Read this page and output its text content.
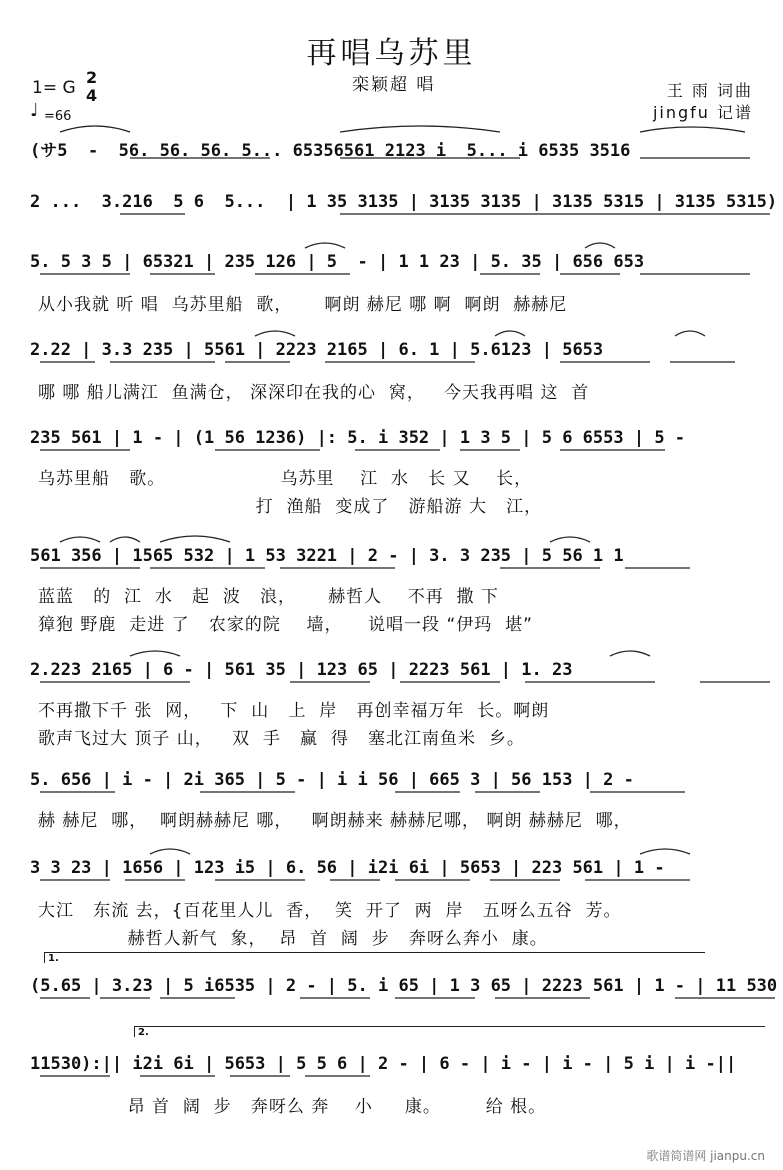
再唱乌苏里
栾颖超 唱	王 雨 词曲
jingfu 记谱
1= G
2
4
♩ =66
(サ5  -  56. 56. 56. 5... 65356561 2123 i  5... i 6535 3516
2 ...  3.216  5 6  5...  | 1 35 3135 | 3135 3135 | 3135 5315 | 3135 5315)
5. 5 3 5 | 65321 | 235 126 | 5  - | 1 1 23 | 5. 35 | 656 653
从小我就 听 唱  乌苏里船  歌，     啊朗 赫尼 哪 啊  啊朗  赫赫尼
2.22 | 3.3 235 | 5561 | 2223 2165 | 6. 1 | 5.6123 | 5653
哪 哪 船儿满江  鱼满仓， 深深印在我的心  窝，   今天我再唱 这  首
235 561 | 1 - | (1 56 1236) |: 5. i 352 | 1 3 5 | 5 6 6553 | 5 -
乌苏里船   歌。                  乌苏里    江  水   长 又    长，
打  渔船  变成了   游船游 大   江，
561 356 | 1565 532 | 1 53 3221 | 2 - | 3. 3 235 | 5 56 1 1
蓝蓝   的  江  水   起  波   浪，     赫哲人    不再  撒 下
獐狍 野鹿  走进 了   农家的院    墙，    说唱一段 “伊玛  堪”
2.223 2165 | 6 - | 561 35 | 123 65 | 2223 561 | 1. 23
不再撒下千 张  网，   下  山   上  岸   再创幸福万年  长。啊朗
歌声飞过大 顶子 山，   双  手   赢  得   塞北江南鱼米  乡。
5. 656 | i - | 2i 365 | 5 - | i i 56 | 665 3 | 56 153 | 2 -
赫 赫尼  哪，  啊朗赫赫尼 哪，   啊朗赫来 赫赫尼哪， 啊朗 赫赫尼  哪，
3 3 23 | 1656 | 123 i5 | 6. 56 | i2i 6i | 5653 | 223 561 | 1 -
大江   东流 去，{百花里人儿  香，  笑  开了  两  岸   五呀么五谷  芳。
赫哲人新气  象，  昂  首  阔  步   奔呀么奔小  康。
1.
(5.65 | 3.23 | 5 i6535 | 2 - | 5. i 65 | 1 3 65 | 2223 561 | 1 - | 11 530
2.
11530):|| i2i 6i | 5653 | 5 5 6 | 2 - | 6 - | i - | i - | 5 i | i -||
昂 首  阔  步   奔呀么 奔    小     康。       给 根。
歌谱简谱网 jianpu.cn
